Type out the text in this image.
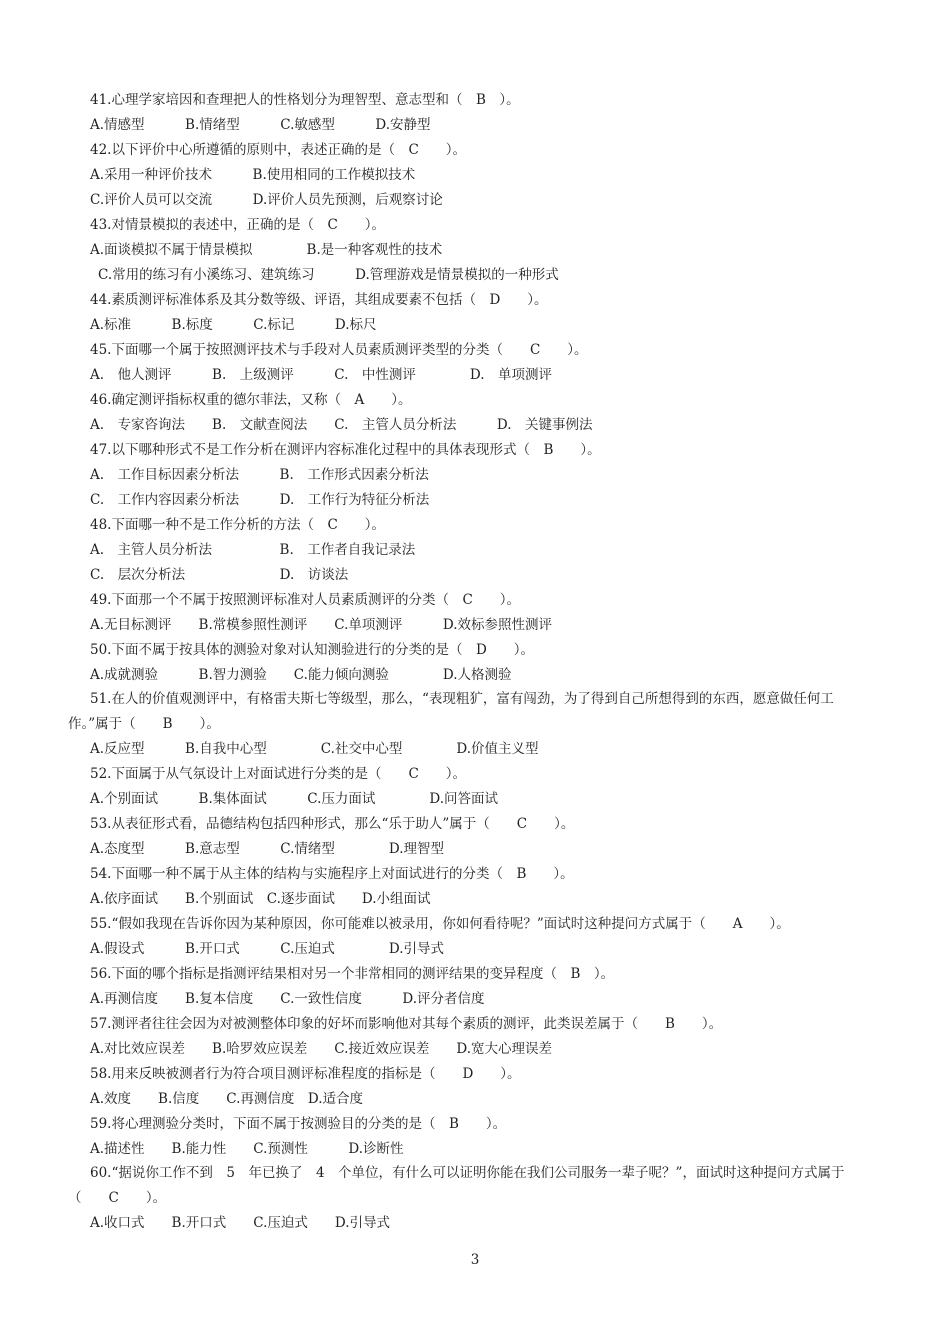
41.心理学家培因和查理把人的性格划分为理智型、意志型和（　B　）。
A.情感型　　　B.情绪型　　　C.敏感型　　　D.安静型
42.以下评价中心所遵循的原则中，表述正确的是（　C　　）。
A.采用一种评价技术　　　B.使用相同的工作模拟技术
C.评价人员可以交流　　　D.评价人员先预测，后观察讨论
43.对情景模拟的表述中，正确的是（　C　　）。
A.面谈模拟不属于情景模拟　　　　B.是一种客观性的技术
C.常用的练习有小溪练习、建筑练习　　　D.管理游戏是情景模拟的一种形式
44.素质测评标准体系及其分数等级、评语，其组成要素不包括（　D　　）。
A.标准　　　B.标度　　　C.标记　　　D.标尺
45.下面哪一个属于按照测评技术与手段对人员素质测评类型的分类（　　C　　）。
A.　他人测评　　　B.　上级测评　　　C.　中性测评　　　　D.　单项测评
46.确定测评指标权重的德尔菲法，又称（　A　　）。
A.　专家咨询法　　B.　文献查阅法　　C.　主管人员分析法　　　D.　关键事例法
47.以下哪种形式不是工作分析在测评内容标准化过程中的具体表现形式（　B　　）。
A.　工作目标因素分析法　　　B.　工作形式因素分析法
C.　工作内容因素分析法　　　D.　工作行为特征分析法
48.下面哪一种不是工作分析的方法（　C　　）。
A.　主管人员分析法　　　　　B.　工作者自我记录法
C.　层次分析法　　　　　　　D.　访谈法
49.下面那一个不属于按照测评标准对人员素质测评的分类（　C　　）。
A.无目标测评　　B.常模参照性测评　　C.单项测评　　　D.效标参照性测评
50.下面不属于按具体的测验对象对认知测验进行的分类的是（　D　　）。
A.成就测验　　　B.智力测验　　C.能力倾向测验　　　　D.人格测验
51.在人的价值观测评中，有格雷夫斯七等级型，那么，“表现粗犷，富有闯劲，为了得到自己所想得到的东西，愿意做任何工
作。”属于（　　B　　）。
A.反应型　　　B.自我中心型　　　　C.社交中心型　　　　D.价值主义型
52.下面属于从气氛设计上对面试进行分类的是（　　C　　）。
A.个别面试　　　B.集体面试　　　C.压力面试　　　　D.问答面试
53.从表征形式看，品德结构包括四种形式，那么“乐于助人”属于（　　C　　）。
A.态度型　　　B.意志型　　　C.情绪型　　　　D.理智型
54.下面哪一种不属于从主体的结构与实施程序上对面试进行的分类（　B　　）。
A.依序面试　　B.个别面试　C.逐步面试　　D.小组面试
55.“假如我现在告诉你因为某种原因，你可能难以被录用，你如何看待呢？”面试时这种提问方式属于（　　A　　）。
A.假设式　　　B.开口式　　　C.压迫式　　　　D.引导式
56.下面的哪个指标是指测评结果相对另一个非常相同的测评结果的变异程度（　B　）。
A.再测信度　　B.复本信度　　C.一致性信度　　　D.评分者信度
57.测评者往往会因为对被测整体印象的好坏而影响他对其每个素质的测评，此类误差属于（　　B　　）。
A.对比效应误差　　B.哈罗效应误差　　C.接近效应误差　　D.宽大心理误差
58.用来反映被测者行为符合项目测评标准程度的指标是（　　D　　）。
A.效度　　B.信度　　C.再测信度　D.适合度
59.将心理测验分类时，下面不属于按测验目的分类的是（　B　　）。
A.描述性　　B.能力性　　C.预测性　　　D.诊断性
60.“据说你工作不到　5　年已换了　4　个单位，有什么可以证明你能在我们公司服务一辈子呢？”，面试时这种提问方式属于
（　　C　　）。
A.收口式　　B.开口式　　C.压迫式　　D.引导式
3
